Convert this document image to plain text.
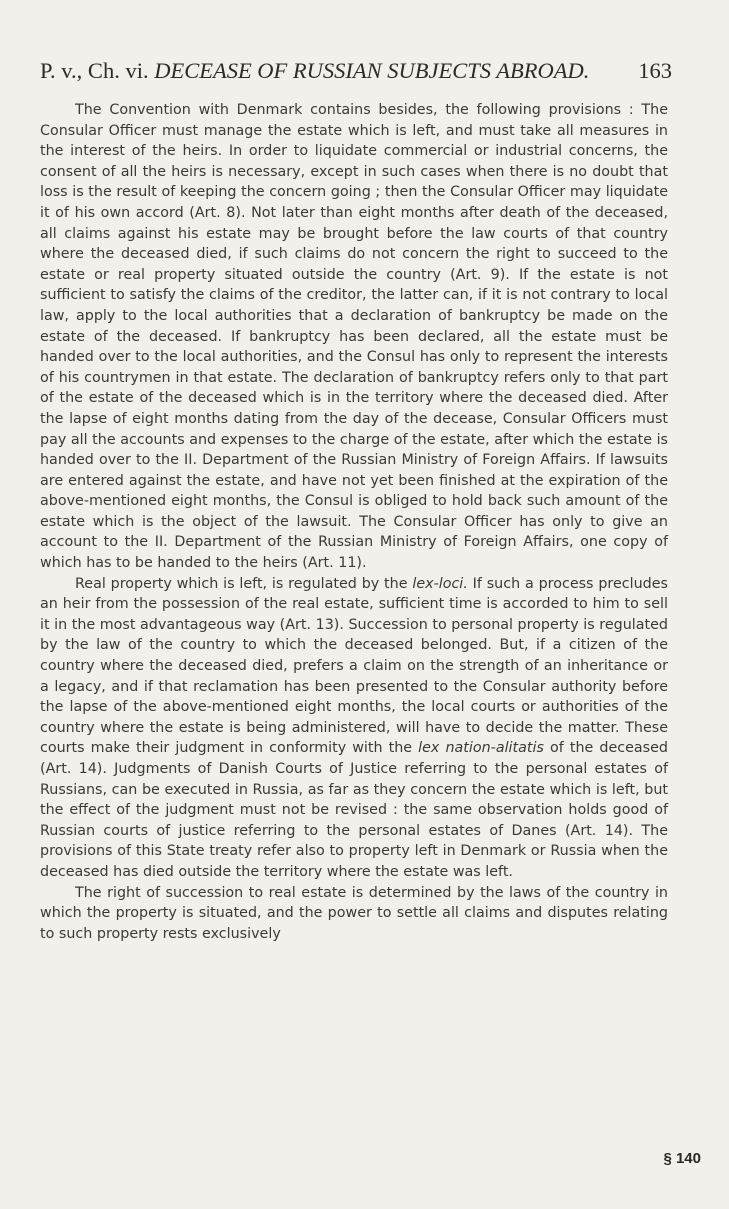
P. v., Ch. vi. DECEASE OF RUSSIAN SUBJECTS ABROAD. 163

The Convention with Denmark contains besides, the following provisions : The Consular Officer must manage the estate which is left, and must take all measures in the interest of the heirs. In order to liquidate commercial or industrial concerns, the consent of all the heirs is necessary, except in such cases when there is no doubt that loss is the result of keeping the concern going ; then the Consular Officer may liquidate it of his own accord (Art. 8). Not later than eight months after death of the deceased, all claims against his estate may be brought before the law courts of that country where the deceased died, if such claims do not concern the right to succeed to the estate or real property situated outside the country (Art. 9). If the estate is not sufficient to satisfy the claims of the creditor, the latter can, if it is not contrary to local law, apply to the local authorities that a declaration of bankruptcy be made on the estate of the deceased. If bankruptcy has been declared, all the estate must be handed over to the local authorities, and the Consul has only to represent the interests of his countrymen in that estate. The declaration of bankruptcy refers only to that part of the estate of the deceased which is in the territory where the deceased died. After the lapse of eight months dating from the day of the decease, Consular Officers must pay all the accounts and expenses to the charge of the estate, after which the estate is handed over to the II. Department of the Russian Ministry of Foreign Affairs. If lawsuits are entered against the estate, and have not yet been finished at the expiration of the above-mentioned eight months, the Consul is obliged to hold back such amount of the estate which is the object of the lawsuit. The Consular Officer has only to give an account to the II. Department of the Russian Ministry of Foreign Affairs, one copy of which has to be handed to the heirs (Art. 11).

Real property which is left, is regulated by the lex-loci. If such a process precludes an heir from the possession of the real estate, sufficient time is accorded to him to sell it in the most advantageous way (Art. 13). Succession to personal property is regulated by the law of the country to which the deceased belonged. But, if a citizen of the country where the deceased died, prefers a claim on the strength of an inheritance or a legacy, and if that reclamation has been presented to the Consular authority before the lapse of the above-mentioned eight months, the local courts or authorities of the country where the estate is being administered, will have to decide the matter. These courts make their judgment in conformity with the lex nation-alitatis of the deceased (Art. 14). Judgments of Danish Courts of Justice referring to the personal estates of Russians, can be executed in Russia, as far as they concern the estate which is left, but the effect of the judgment must not be revised : the same observation holds good of Russian courts of justice referring to the personal estates of Danes (Art. 14). The provisions of this State treaty refer also to property left in Denmark or Russia when the deceased has died outside the territory where the estate was left.

The right of succession to real estate is determined by the laws of the country in which the property is situated, and the power to settle all claims and disputes relating to such property rests exclusively

§ 140
